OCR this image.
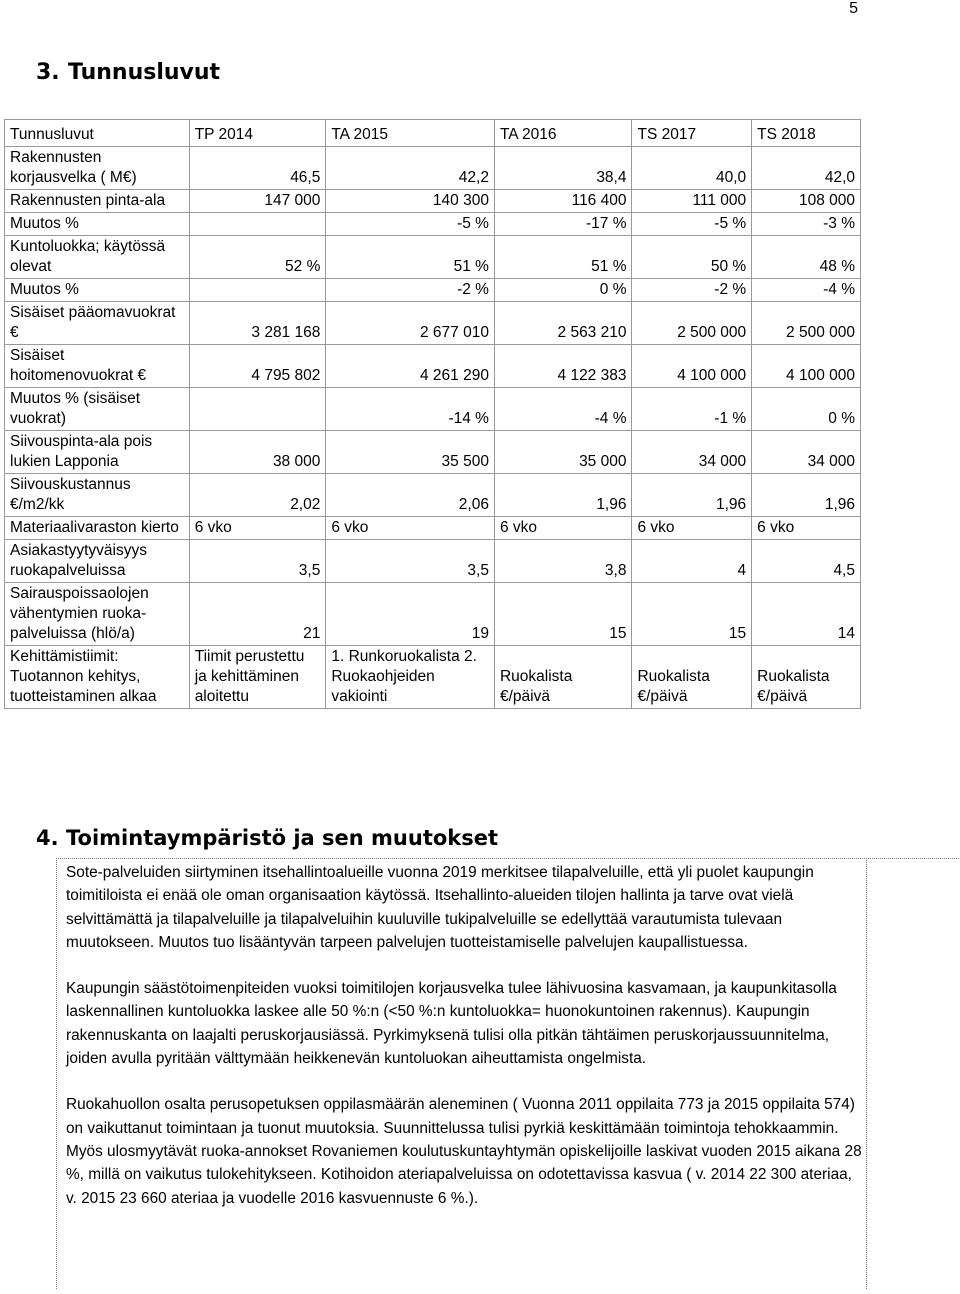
5
3. Tunnusluvut
Tunnusluvut	TP 2014	TA 2015	TA 2016	TS 2017	TS 2018
Rakennusten korjausvelka ( M€)	46,5	42,2	38,4	40,0	42,0
Rakennusten pinta-ala	147 000	140 300	116 400	111 000	108 000
Muutos %		-5 %	-17 %	-5 %	-3 %
Kuntoluokka; käytössä olevat	52 %	51 %	51 %	50 %	48 %
Muutos %		-2 %	0 %	-2 %	-4 %
Sisäiset pääomavuokrat €	3 281 168	2 677 010	2 563 210	2 500 000	2 500 000
Sisäiset hoitomenovuokrat €	4 795 802	4 261 290	4 122 383	4 100 000	4 100 000
Muutos % (sisäiset vuokrat)		-14 %	-4 %	-1 %	0 %
Siivouspinta-ala pois lukien Lapponia	38 000	35 500	35 000	34 000	34 000
Siivouskustannus €/m2/kk	2,02	2,06	1,96	1,96	1,96
Materiaalivaraston kierto	6 vko	6 vko	6 vko	6 vko	6 vko
Asiakastyytyväisyys ruokapalveluissa	3,5	3,5	3,8	4	4,5
Sairauspoissaolojen vähentymien ruoka-palveluissa (hlö/a)	21	19	15	15	14
Kehittämistiimit: Tuotannon kehitys, tuotteistaminen alkaa	Tiimit perustettu ja kehittäminen aloitettu	1. Runkoruokalista 2. Ruokaohjeiden vakiointi	Ruokalista €/päivä	Ruokalista €/päivä	Ruokalista €/päivä
4. Toimintaympäristö ja sen muutokset

Sote-palveluiden siirtyminen itsehallintoalueille vuonna 2019 merkitsee tilapalveluille, että yli puolet kaupungin toimitiloista ei enää ole oman organisaation käytössä. Itsehallinto-alueiden tilojen hallinta ja tarve ovat vielä selvittämättä ja tilapalveluille ja tilapalveluihin kuuluville tukipalveluille se edellyttää varautumista tulevaan muutokseen. Muutos tuo lisääntyvän tarpeen palvelujen tuotteistamiselle palvelujen kaupallistuessa.

Kaupungin säästötoimenpiteiden vuoksi toimitilojen korjausvelka tulee lähivuosina kasvamaan, ja kaupunkitasolla laskennallinen kuntoluokka laskee alle 50 %:n (<50 %:n kuntoluokka= huonokuntoinen rakennus). Kaupungin rakennuskanta on laajalti peruskorjausiässä. Pyrkimyksenä tulisi olla pitkän tähtäimen peruskorjaussuunnitelma, joiden avulla pyritään välttymään heikkenevän kuntoluokan aiheuttamista ongelmista.

Ruokahuollon osalta perusopetuksen oppilasmäärän aleneminen ( Vuonna 2011 oppilaita 773 ja 2015 oppilaita 574) on vaikuttanut toimintaan ja tuonut muutoksia. Suunnittelussa tulisi pyrkiä keskittämään toimintoja tehokkaammin. Myös ulosmyytävät ruoka-annokset Rovaniemen koulutuskuntayhtymän opiskelijoille laskivat vuoden 2015 aikana 28 %, millä on vaikutus tulokehitykseen. Kotihoidon ateriapalveluissa on odotettavissa kasvua ( v. 2014 22 300 ateriaa, v. 2015 23 660 ateriaa ja vuodelle 2016 kasvuennuste 6 %.).
